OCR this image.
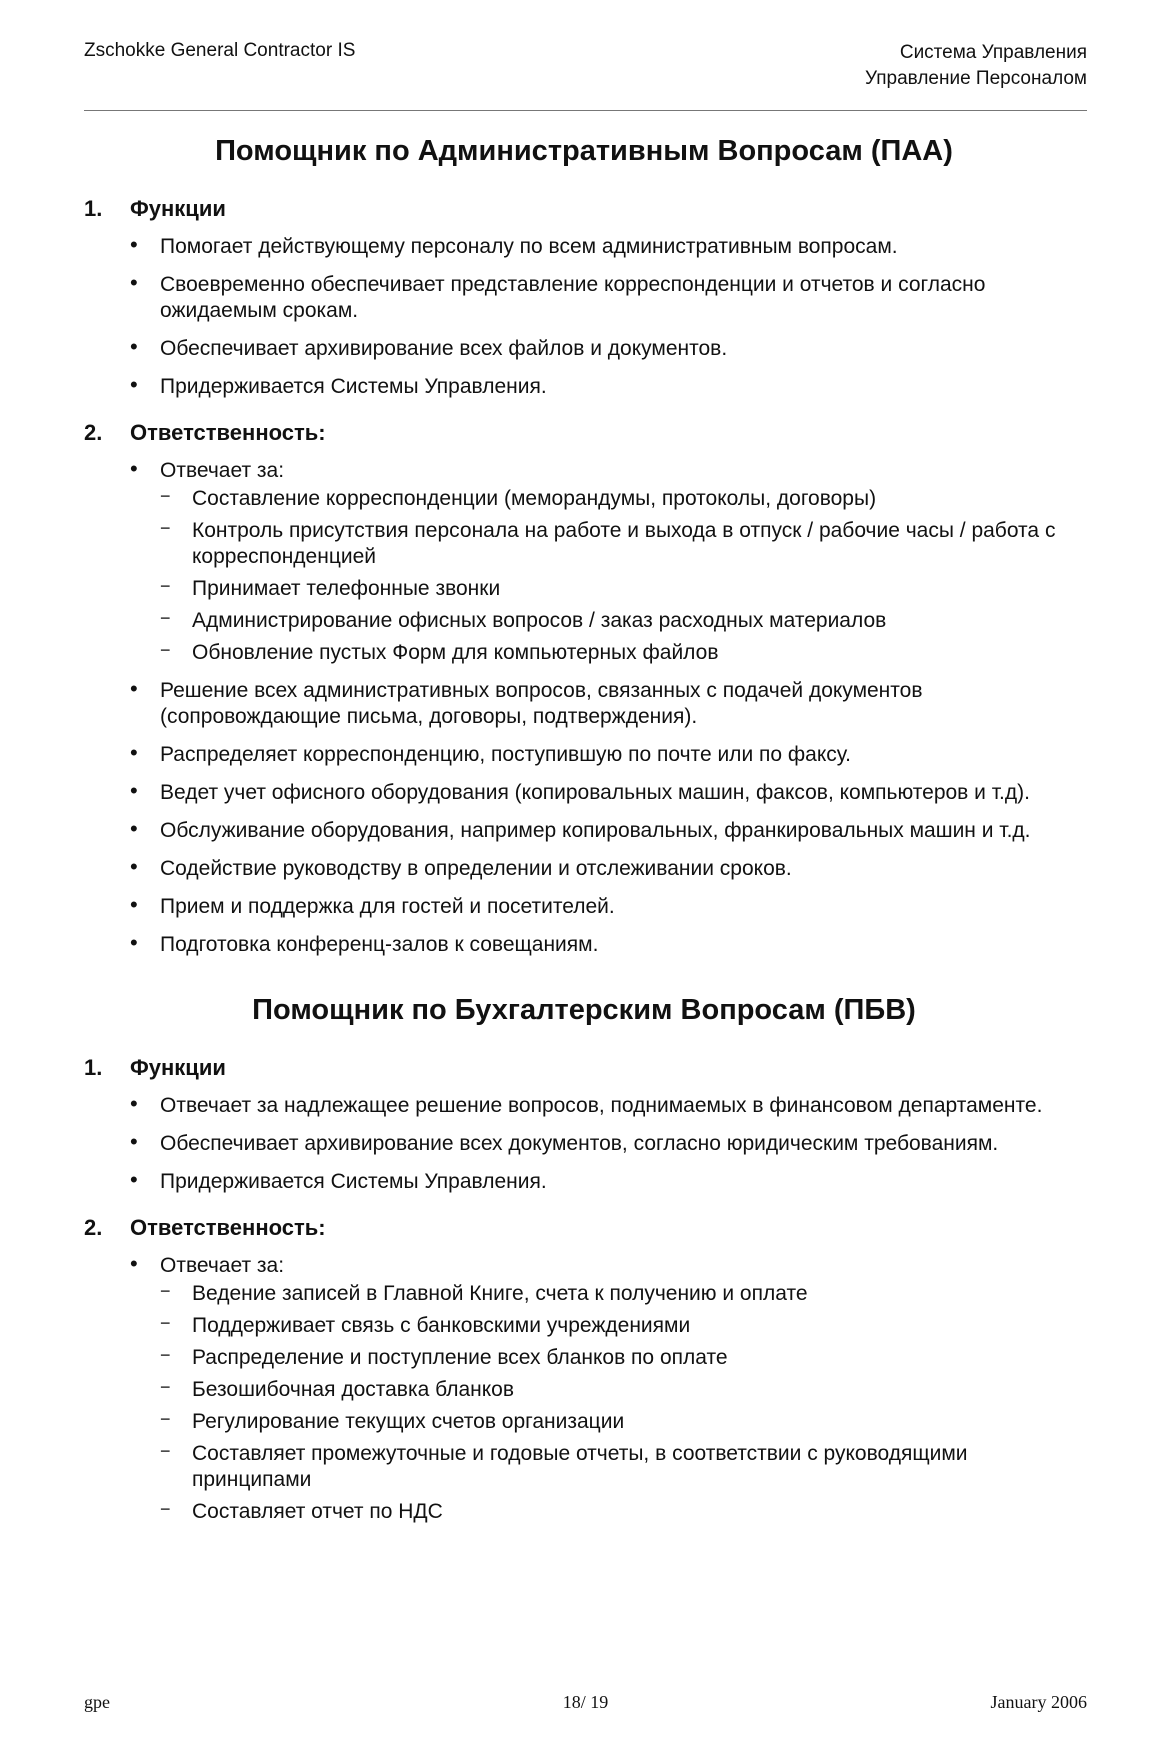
Zschokke General Contractor IS	Система Управления
Управление Персоналом
Помощник по Административным Вопросам (ПАА)
1. Функции
• Помогает действующему персоналу по всем административным вопросам.
• Своевременно обеспечивает представление корреспонденции и отчетов и согласно ожидаемым срокам.
• Обеспечивает архивирование всех файлов и документов.
• Придерживается Системы Управления.
2. Ответственность:
• Отвечает за:
− Составление корреспонденции (меморандумы, протоколы, договоры)
− Контроль присутствия персонала на работе и выхода в отпуск / рабочие часы / работа с корреспонденцией
− Принимает телефонные звонки
− Администрирование офисных вопросов / заказ расходных материалов
− Обновление пустых Форм для компьютерных файлов
• Решение всех административных вопросов, связанных с подачей документов (сопровождающие письма, договоры, подтверждения).
• Распределяет корреспонденцию, поступившую по почте или по факсу.
• Ведет учет офисного оборудования (копировальных машин, факсов, компьютеров и т.д).
• Обслуживание оборудования, например копировальных, франкировальных машин и т.д.
• Содействие руководству в определении и отслеживании сроков.
• Прием и поддержка для гостей и посетителей.
• Подготовка конференц-залов к совещаниям.
Помощник по Бухгалтерским Вопросам (ПБВ)
1. Функции
• Отвечает за надлежащее решение вопросов, поднимаемых в финансовом департаменте.
• Обеспечивает архивирование всех документов, согласно юридическим требованиям.
• Придерживается Системы Управления.
2. Ответственность:
• Отвечает за:
− Ведение записей в Главной Книге, счета к получению и оплате
− Поддерживает связь с банковскими учреждениями
− Распределение и поступление всех бланков по оплате
− Безошибочная доставка бланков
− Регулирование текущих счетов организации
− Составляет промежуточные и годовые отчеты, в соответствии с руководящими принципами
− Составляет отчет по НДС
gpe	18/ 19	January 2006
